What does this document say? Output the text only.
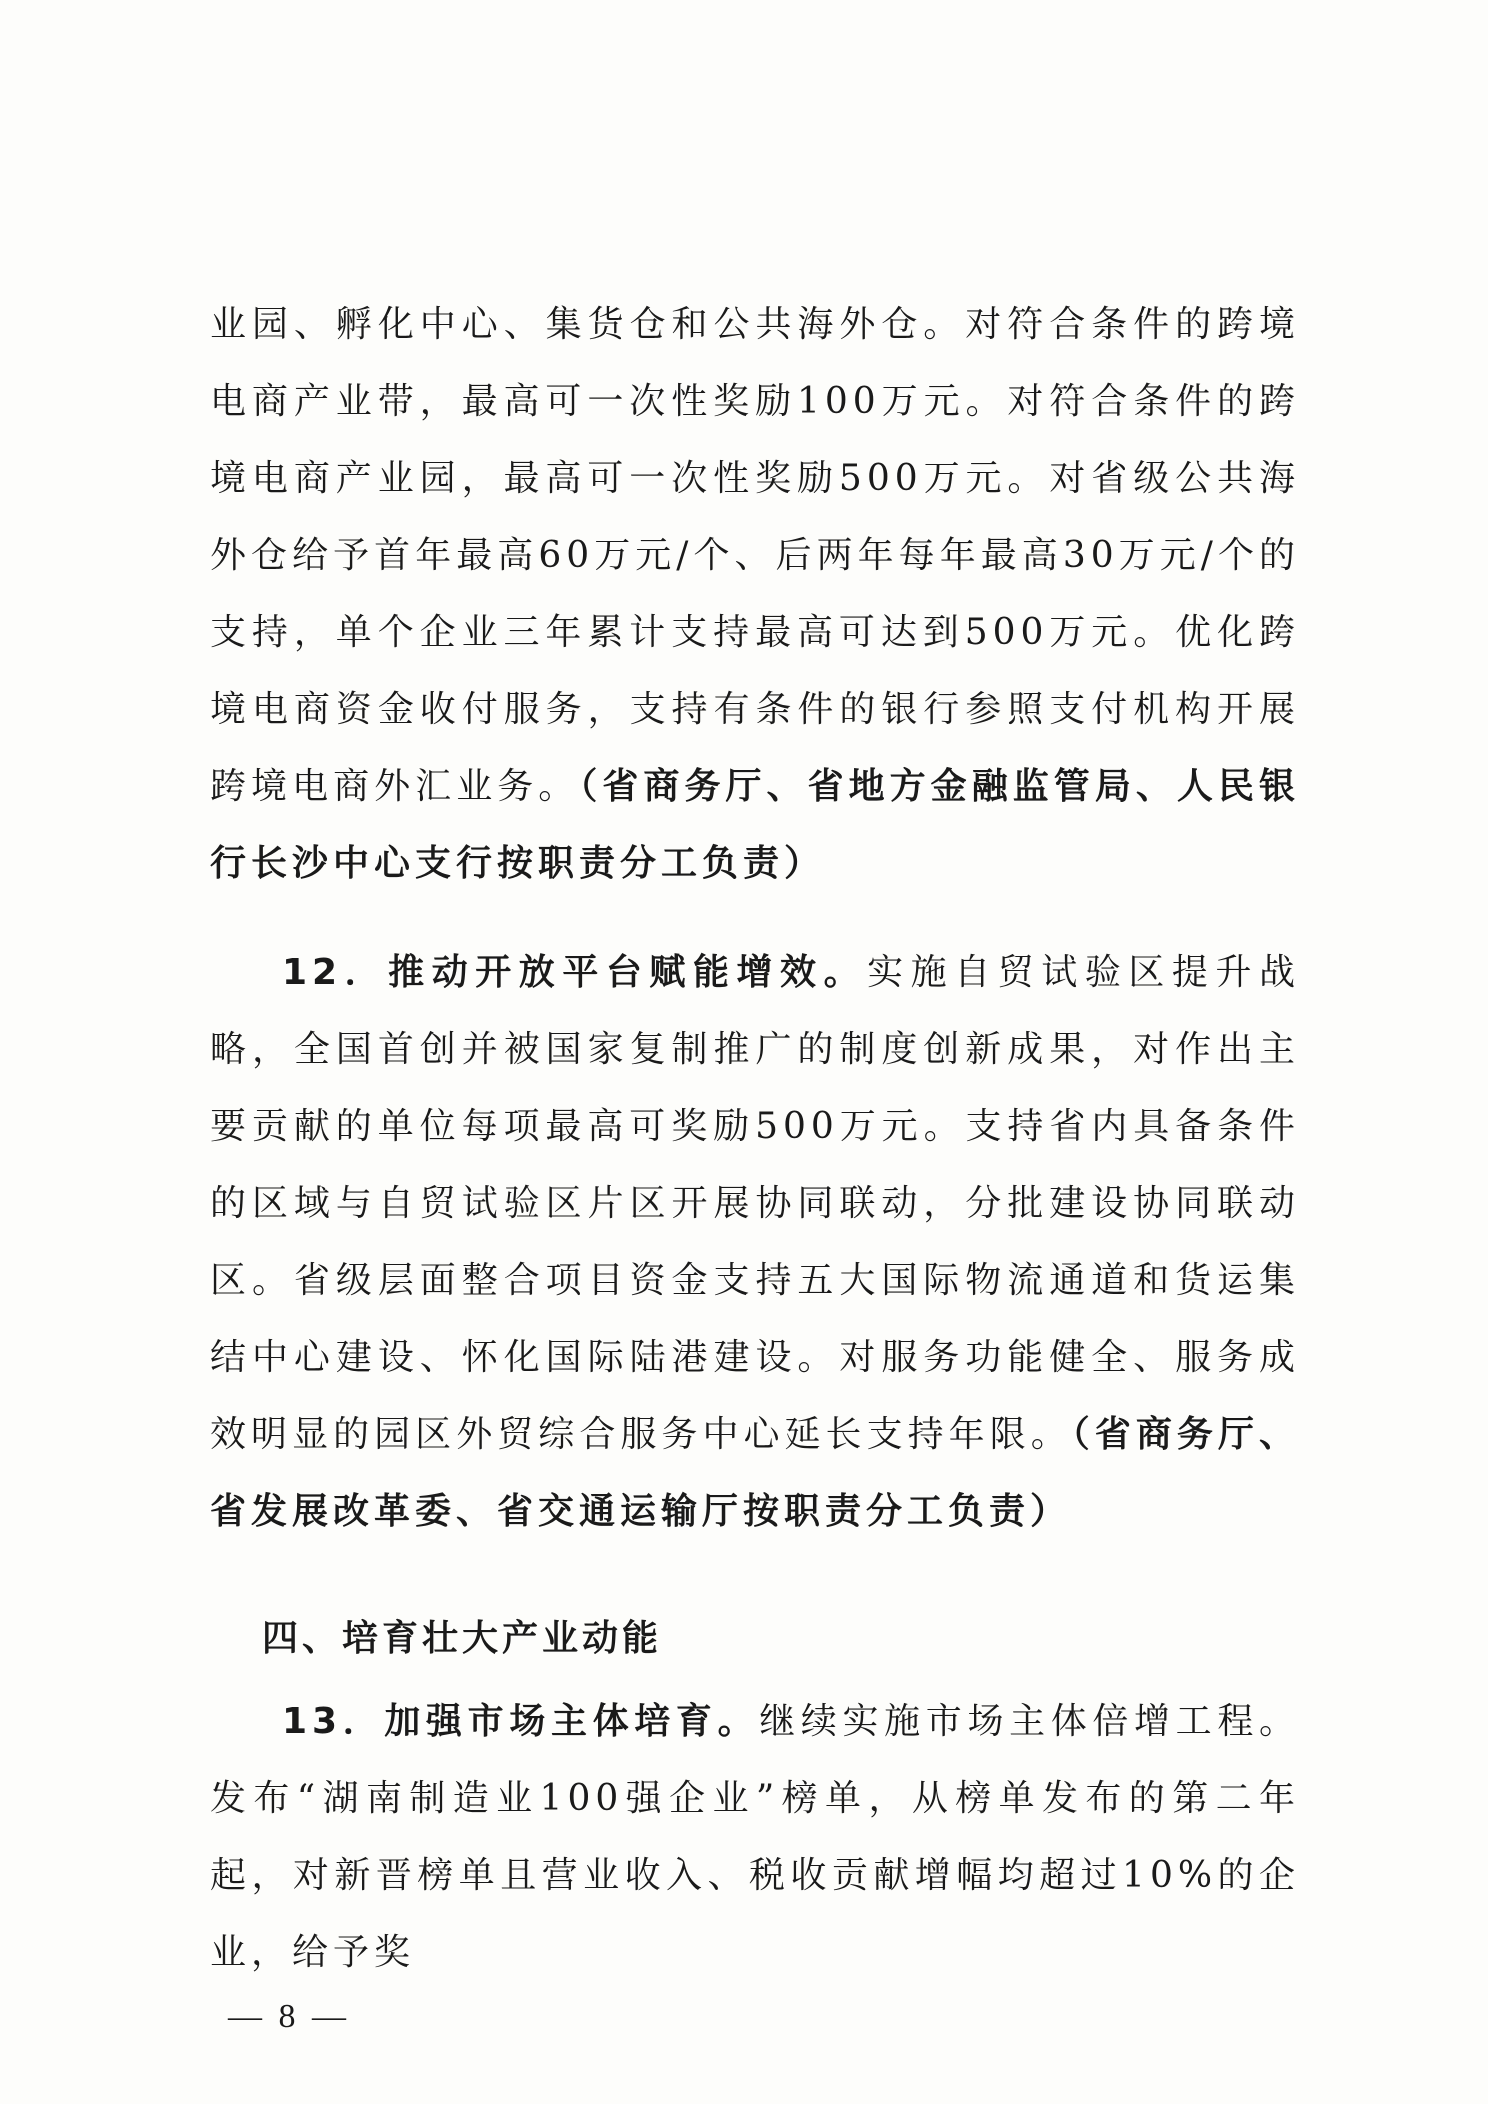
业园、孵化中心、集货仓和公共海外仓。对符合条件的跨境电商产业带，最高可一次性奖励100万元。对符合条件的跨境电商产业园，最高可一次性奖励500万元。对省级公共海外仓给予首年最高60万元/个、后两年每年最高30万元/个的支持，单个企业三年累计支持最高可达到500万元。优化跨境电商资金收付服务，支持有条件的银行参照支付机构开展跨境电商外汇业务。（省商务厅、省地方金融监管局、人民银行长沙中心支行按职责分工负责）

12．推动开放平台赋能增效。实施自贸试验区提升战略，全国首创并被国家复制推广的制度创新成果，对作出主要贡献的单位每项最高可奖励500万元。支持省内具备条件的区域与自贸试验区片区开展协同联动，分批建设协同联动区。省级层面整合项目资金支持五大国际物流通道和货运集结中心建设、怀化国际陆港建设。对服务功能健全、服务成效明显的园区外贸综合服务中心延长支持年限。（省商务厅、省发展改革委、省交通运输厅按职责分工负责）

四、培育壮大产业动能

13．加强市场主体培育。继续实施市场主体倍增工程。发布“湖南制造业100强企业”榜单，从榜单发布的第二年起，对新晋榜单且营业收入、税收贡献增幅均超过10%的企业，给予奖

— 8 —
